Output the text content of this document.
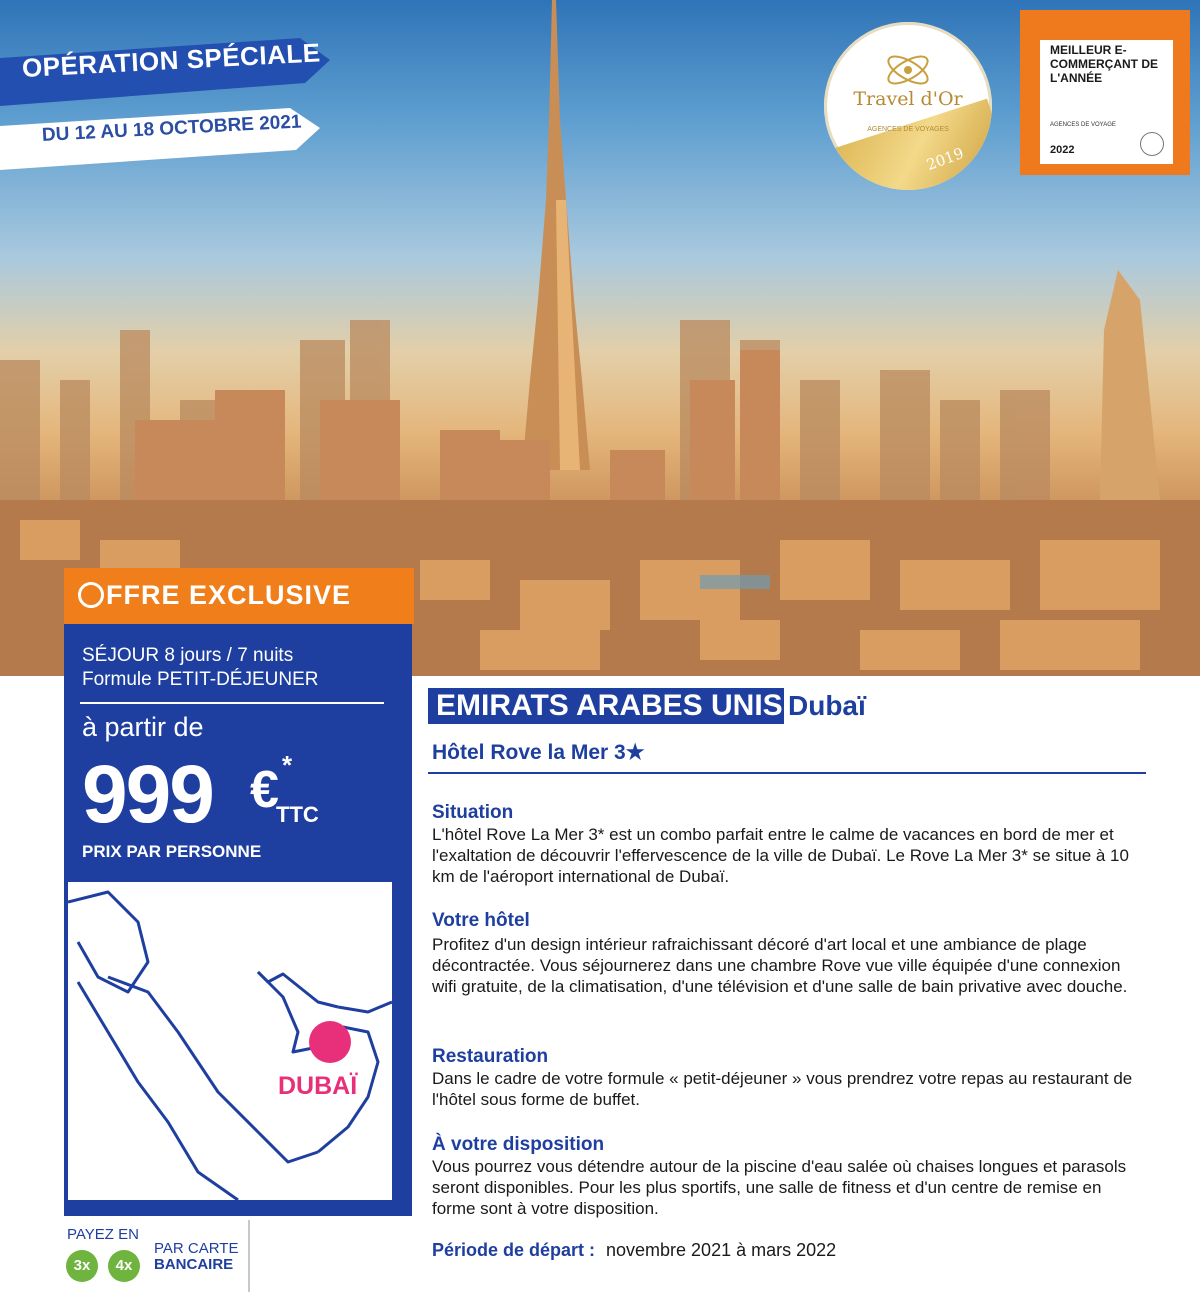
OPÉRATION SPÉCIALE
DU 12 AU 18 OCTOBRE 2021
Travel d'Or
AGENCES DE VOYAGES
2019
MEILLEUR E-COMMERÇANT DE L'ANNÉE
AGENCES DE VOYAGE
2022
FFRE EXCLUSIVE
SÉJOUR 8 jours / 7 nuits
Formule PETIT-DÉJEUNER
à partir de
999 € *
TTC
PRIX PAR PERSONNE
DUBAÏ
PAYEZ EN
3x	4x
PAR CARTE
BANCAIRE
EMIRATS ARABES UNIS Dubaï
Hôtel Rove la Mer 3★
Situation
L'hôtel Rove La Mer 3* est un combo parfait entre le calme de vacances en bord de mer et l'exaltation de découvrir l'effervescence de la ville de Dubaï. Le Rove La Mer 3* se situe à 10 km de l'aéroport international de Dubaï.
Votre hôtel
Profitez d'un design intérieur rafraichissant décoré d'art local et une ambiance de plage décontractée. Vous séjournerez dans une chambre Rove vue ville équipée d'une connexion wifi gratuite, de la climatisation, d'une télévision et d'une salle de bain privative avec douche.
Restauration
Dans le cadre de votre formule « petit-déjeuner » vous prendrez votre repas au restaurant de l'hôtel sous forme de buffet.
À votre disposition
Vous pourrez vous détendre autour de la piscine d'eau salée où chaises longues et parasols seront disponibles. Pour les plus sportifs, une salle de fitness et d'un centre de remise en forme sont à votre disposition.
Période de départ : novembre 2021 à mars 2022
